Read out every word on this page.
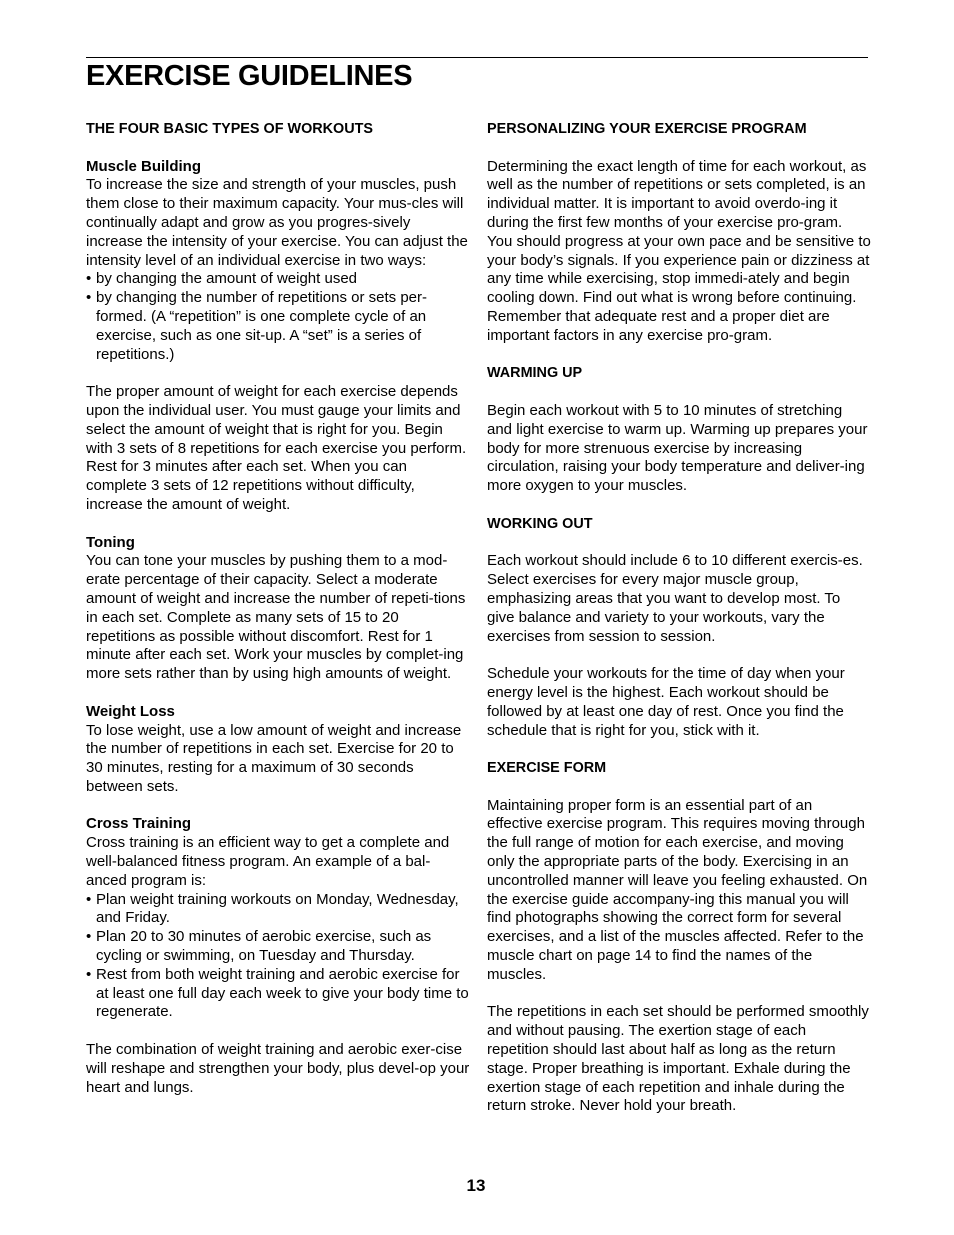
EXERCISE GUIDELINES

THE FOUR BASIC TYPES OF WORKOUTS

Muscle Building

To increase the size and strength of your muscles, push them close to their maximum capacity. Your mus-cles will continually adapt and grow as you progres-sively increase the intensity of your exercise. You can adjust the intensity level of an individual exercise in two ways:

• by changing the amount of weight used
• by changing the number of repetitions or sets per-formed. (A “repetition” is one complete cycle of an exercise, such as one sit-up. A “set” is a series of repetitions.)

The proper amount of weight for each exercise depends upon the individual user. You must gauge your limits and select the amount of weight that is right for you. Begin with 3 sets of 8 repetitions for each exercise you perform. Rest for 3 minutes after each set. When you can complete 3 sets of 12 repetitions without difficulty, increase the amount of weight.

Toning

You can tone your muscles by pushing them to a mod-erate percentage of their capacity. Select a moderate amount of weight and increase the number of repeti-tions in each set. Complete as many sets of 15 to 20 repetitions as possible without discomfort. Rest for 1 minute after each set. Work your muscles by complet-ing more sets rather than by using high amounts of weight.

Weight Loss

To lose weight, use a low amount of weight and increase the number of repetitions in each set. Exercise for 20 to 30 minutes, resting for a maximum of 30 seconds between sets.

Cross Training

Cross training is an efficient way to get a complete and well-balanced fitness program. An example of a bal-anced program is:

• Plan weight training workouts on Monday, Wednesday, and Friday.
• Plan 20 to 30 minutes of aerobic exercise, such as cycling or swimming, on Tuesday and Thursday.
• Rest from both weight training and aerobic exercise for at least one full day each week to give your body time to regenerate.

The combination of weight training and aerobic exer-cise will reshape and strengthen your body, plus devel-op your heart and lungs.

PERSONALIZING YOUR EXERCISE PROGRAM

Determining the exact length of time for each workout, as well as the number of repetitions or sets completed, is an individual matter. It is important to avoid overdo-ing it during the first few months of your exercise pro-gram. You should progress at your own pace and be sensitive to your body’s signals. If you experience pain or dizziness at any time while exercising, stop immedi-ately and begin cooling down. Find out what is wrong before continuing. Remember that adequate rest and a proper diet are important factors in any exercise pro-gram.

WARMING UP

Begin each workout with 5 to 10 minutes of stretching and light exercise to warm up. Warming up prepares your body for more strenuous exercise by increasing circulation, raising your body temperature and deliver-ing more oxygen to your muscles.

WORKING OUT

Each workout should include 6 to 10 different exercis-es. Select exercises for every major muscle group, emphasizing areas that you want to develop most. To give balance and variety to your workouts, vary the exercises from session to session.

Schedule your workouts for the time of day when your energy level is the highest. Each workout should be followed by at least one day of rest. Once you find the schedule that is right for you, stick with it.

EXERCISE FORM

Maintaining proper form is an essential part of an effective exercise program. This requires moving through the full range of motion for each exercise, and moving only the appropriate parts of the body. Exercising in an uncontrolled manner will leave you feeling exhausted. On the exercise guide accompany-ing this manual you will find photographs showing the correct form for several exercises, and a list of the muscles affected. Refer to the muscle chart on page 14 to find the names of the muscles.

The repetitions in each set should be performed smoothly and without pausing. The exertion stage of each repetition should last about half as long as the return stage. Proper breathing is important. Exhale during the exertion stage of each repetition and inhale during the return stroke. Never hold your breath.

13
